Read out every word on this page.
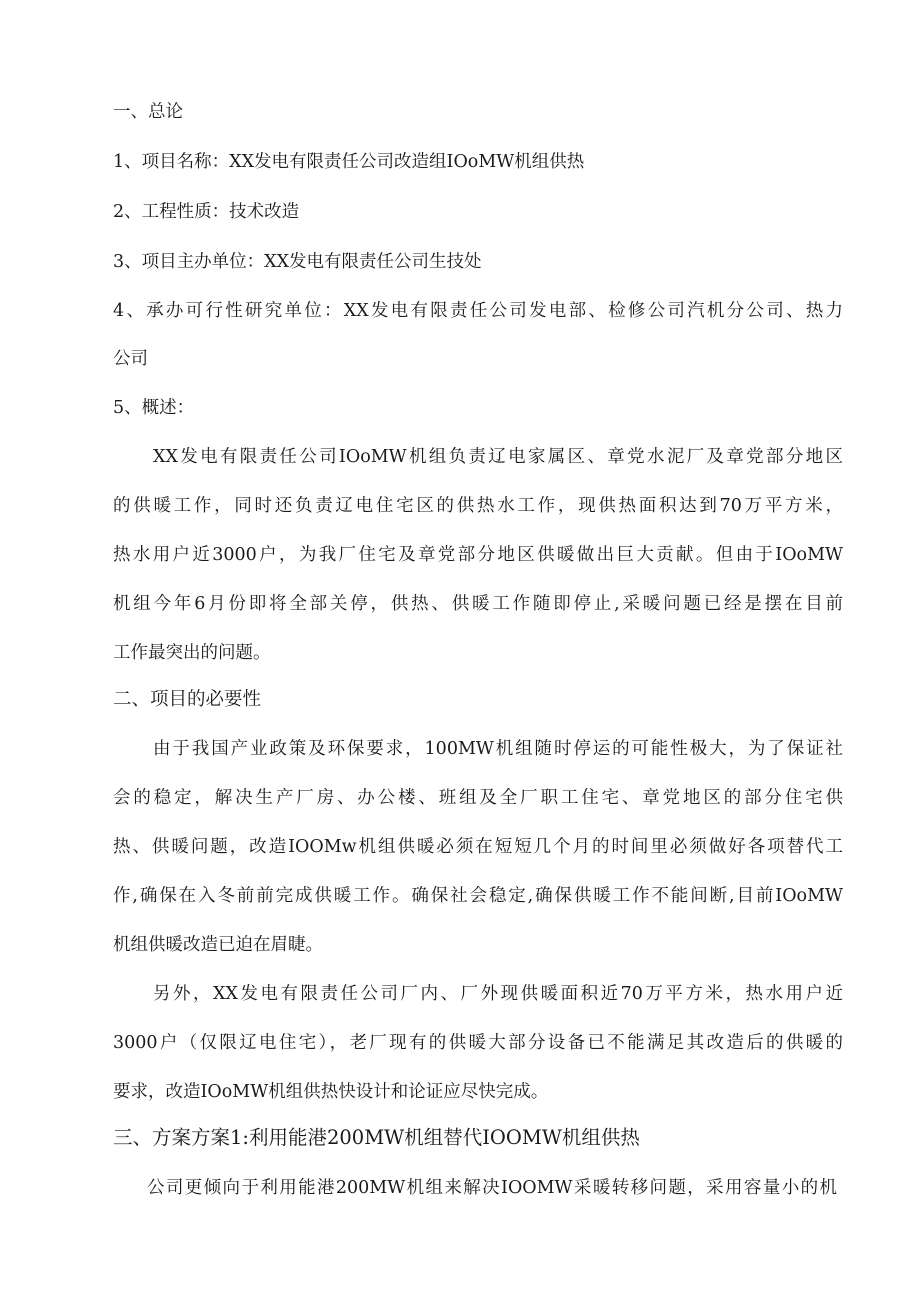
一、总论
1、项目名称：XX发电有限责任公司改造组IOoMW机组供热
2、工程性质：技术改造
3、项目主办单位：XX发电有限责任公司生技处
4、承办可行性研究单位：XX发电有限责任公司发电部、检修公司汽机分公司、热力
公司
5、概述：
XX发电有限责任公司IOoMW机组负责辽电家属区、章党水泥厂及章党部分地区
的供暖工作，同时还负责辽电住宅区的供热水工作，现供热面积达到70万平方米，
热水用户近3000户，为我厂住宅及章党部分地区供暖做出巨大贡献。但由于IOoMW
机组今年6月份即将全部关停，供热、供暖工作随即停止,采暖问题已经是摆在目前
工作最突出的问题。
二、项目的必要性
由于我国产业政策及环保要求，100MW机组随时停运的可能性极大，为了保证社
会的稳定，解决生产厂房、办公楼、班组及全厂职工住宅、章党地区的部分住宅供
热、供暖问题，改造IOOMw机组供暖必须在短短几个月的时间里必须做好各项替代工
作,确保在入冬前前完成供暖工作。确保社会稳定,确保供暖工作不能间断,目前IOoMW
机组供暖改造已迫在眉睫。
另外，XX发电有限责任公司厂内、厂外现供暖面积近70万平方米，热水用户近
3000户（仅限辽电住宅），老厂现有的供暖大部分设备已不能满足其改造后的供暖的
要求，改造IOoMW机组供热快设计和论证应尽快完成。
三、方案方案1:利用能港200MW机组替代IOOMW机组供热
公司更倾向于利用能港200MW机组来解决IOOMW采暖转移问题，采用容量小的机
